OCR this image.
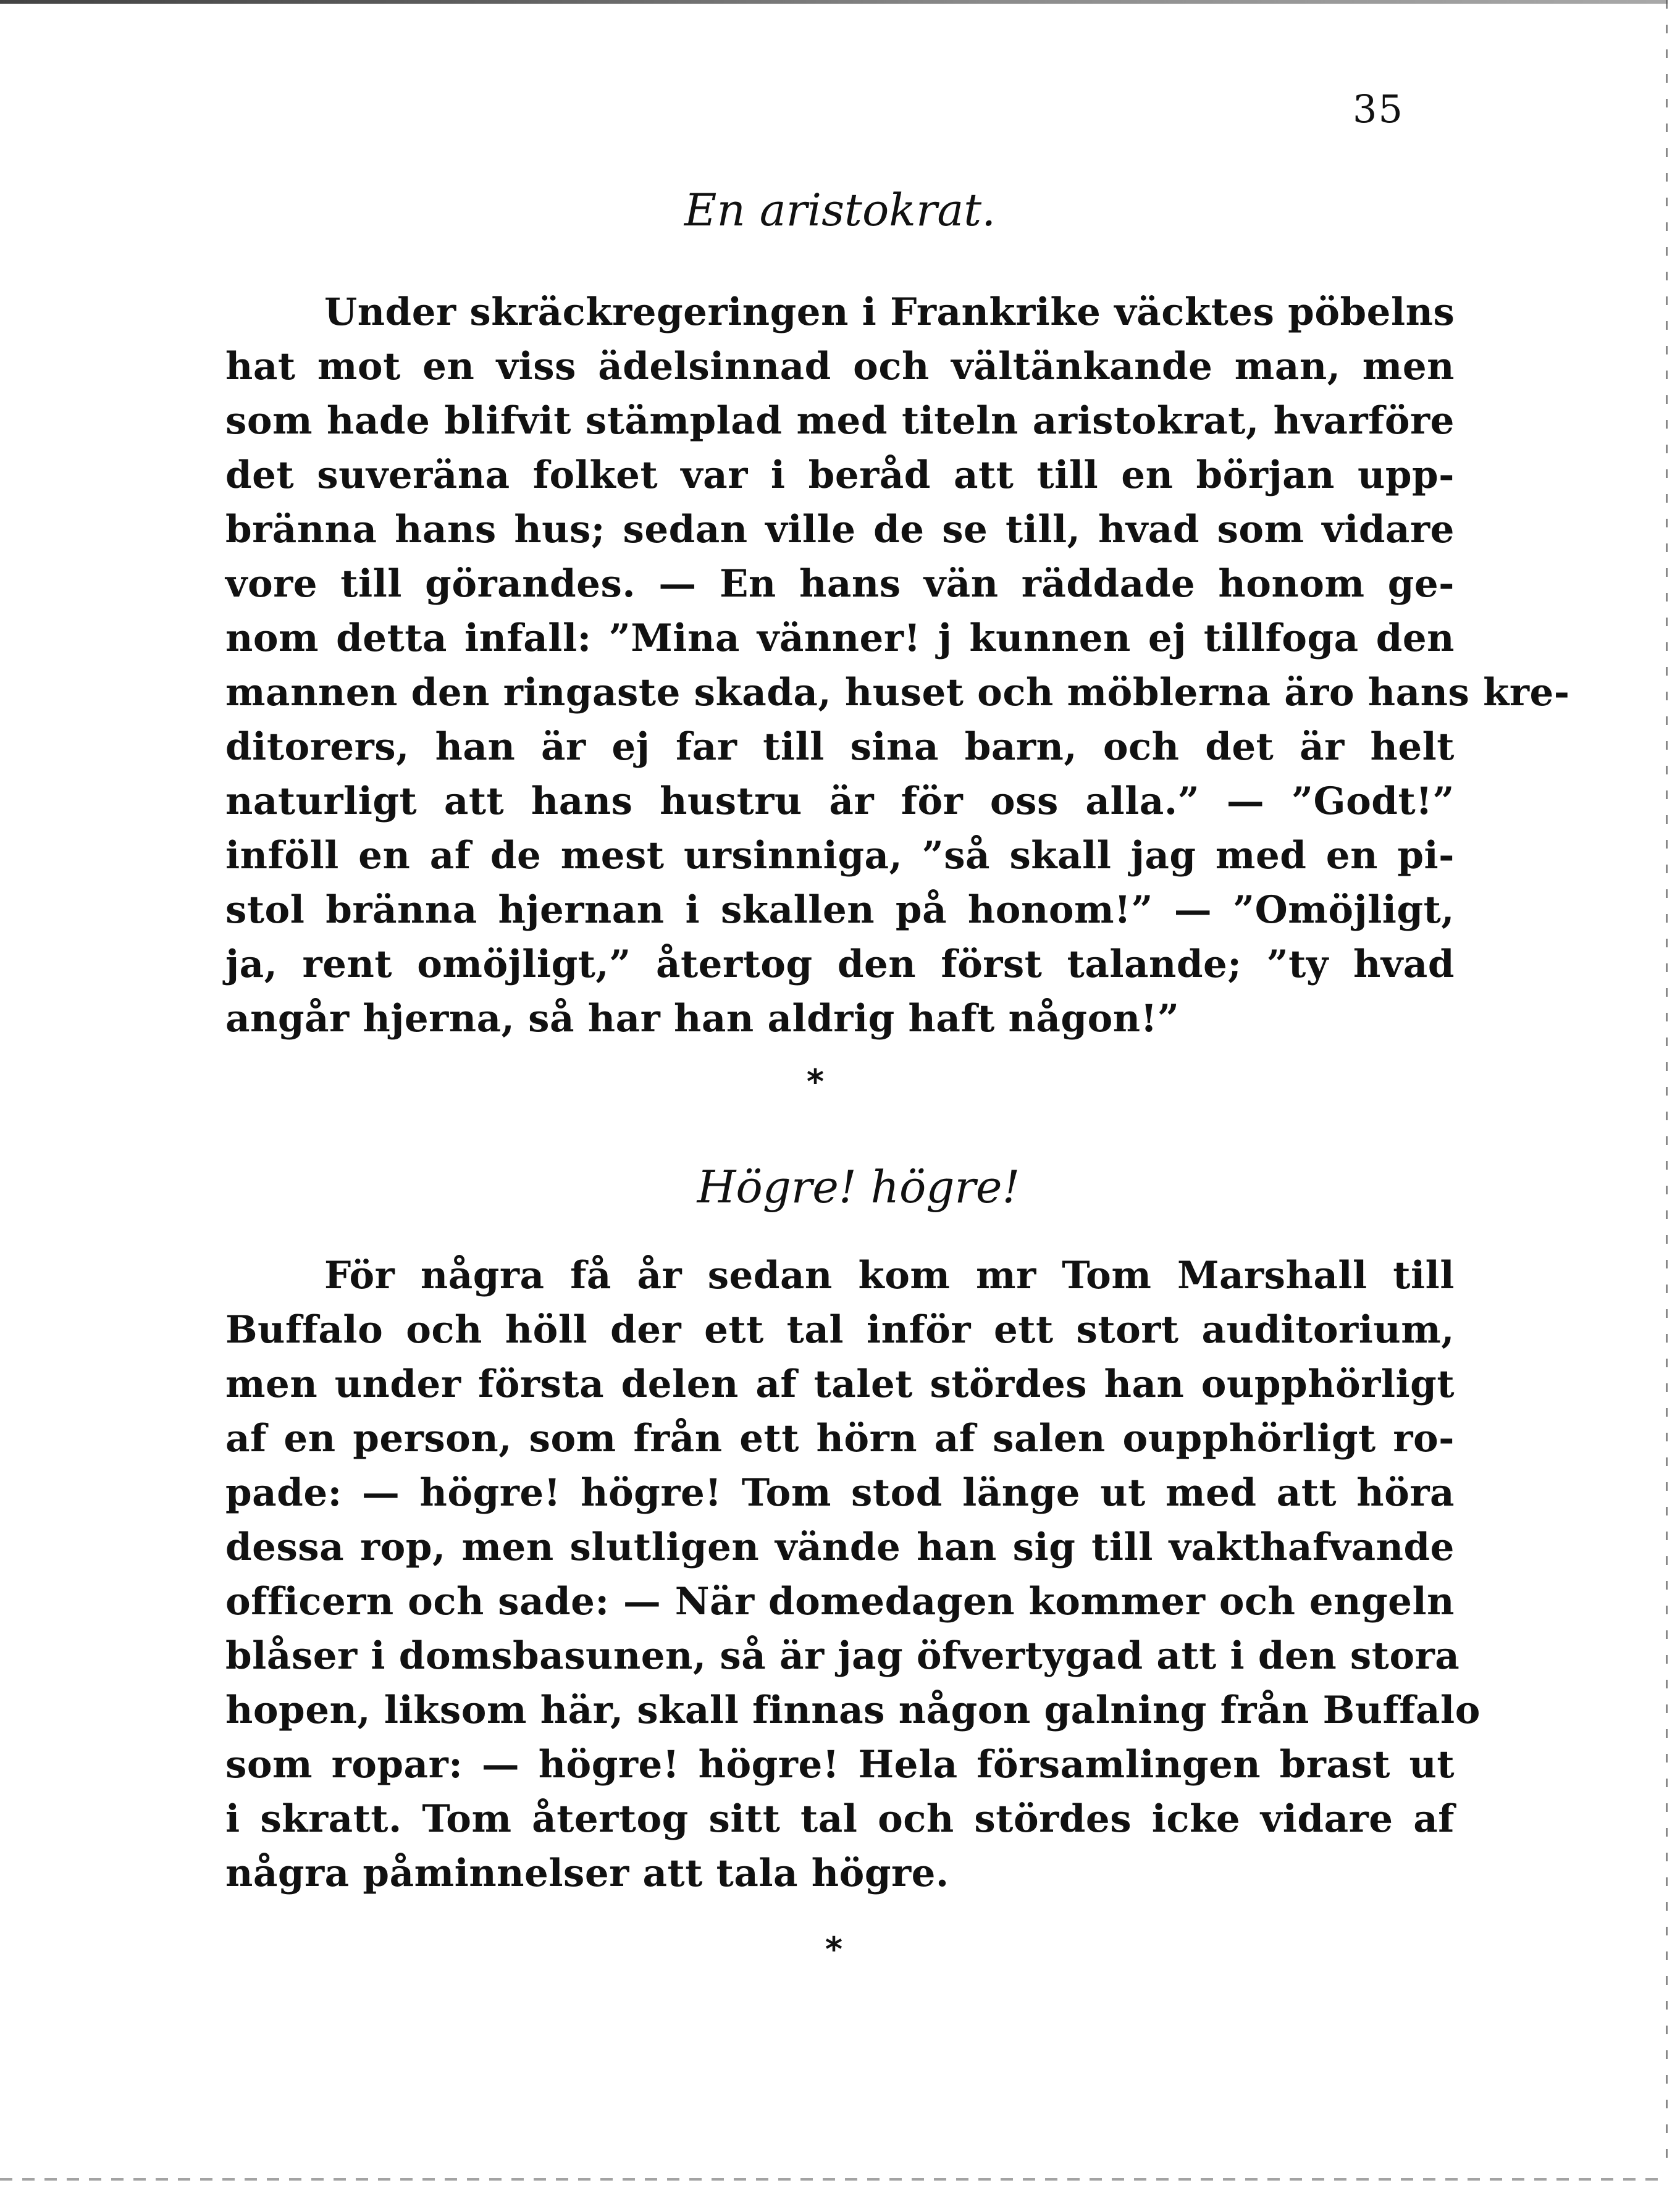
35
En aristokrat.
Under skräckregeringen i Frankrike väcktes pöbelns
hat mot en viss ädelsinnad och vältänkande man, men
som hade blifvit stämplad med titeln aristokrat, hvarföre
det suveräna folket var i beråd att till en början upp-
bränna hans hus; sedan ville de se till, hvad som vidare
vore till görandes. — En hans vän räddade honom ge-
nom detta infall: ”Mina vänner! j kunnen ej tillfoga den
mannen den ringaste skada, huset och möblerna äro hans kre-
ditorers, han är ej far till sina barn, och det är helt
naturligt att hans hustru är för oss alla.” — ”Godt!”
inföll en af de mest ursinniga, ”så skall jag med en pi-
stol bränna hjernan i skallen på honom!” — ”Omöjligt,
ja, rent omöjligt,” återtog den först talande; ”ty hvad
angår hjerna, så har han aldrig haft någon!”
*
Högre! högre!
För några få år sedan kom mr Tom Marshall till
Buffalo och höll der ett tal inför ett stort auditorium,
men under första delen af talet stördes han oupphörligt
af en person, som från ett hörn af salen oupphörligt ro-
pade: — högre! högre! Tom stod länge ut med att höra
dessa rop, men slutligen vände han sig till vakthafvande
officern och sade: — När domedagen kommer och engeln
blåser i domsbasunen, så är jag öfvertygad att i den stora
hopen, liksom här, skall finnas någon galning från Buffalo
som ropar: — högre! högre! Hela församlingen brast ut
i skratt. Tom återtog sitt tal och stördes icke vidare af
några påminnelser att tala högre.
*
